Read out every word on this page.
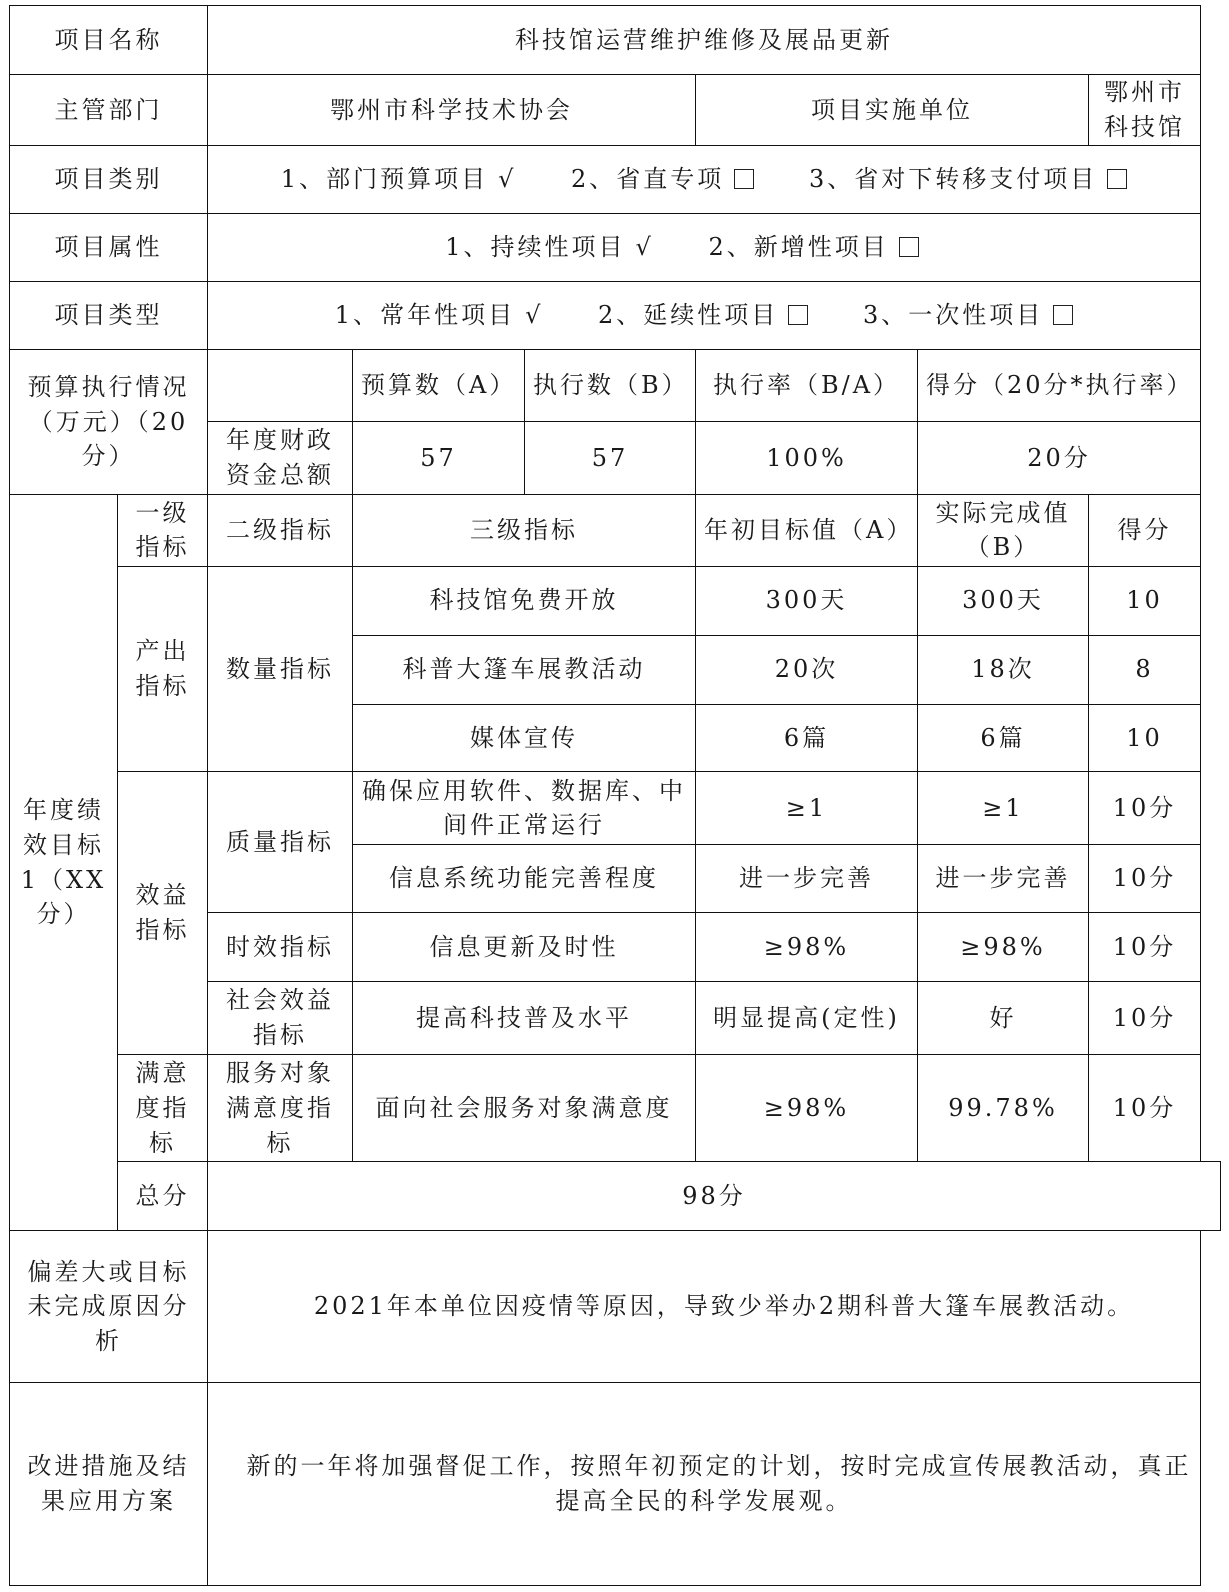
项目名称		科技馆运营维护维修及展品更新					
主管部门		鄂州市科学技术协会			项目实施单位		鄂州市科技馆
项目类别		1、部门预算项目 √ 2、省直专项 3、省对下转移支付项目					
项目属性		1、持续性项目 √ 2、新增性项目					
项目类型		1、常年性项目 √ 2、延续性项目 3、一次性项目					
预算执行情况（万元）（20分）			预算数（A）	执行数（B）	执行率（B/A）	得分（20分*执行率）	
		年度财政资金总额	57	57	100%	20分	
年度绩效目标1（XX分）	一级指标	二级指标	三级指标		年初目标值（A）	实际完成值（B）	得分
	产出指标	数量指标	科技馆免费开放		300天	300天	10
			科普大篷车展教活动		20次	18次	8
			媒体宣传		6篇	6篇	10
	效益指标	质量指标	确保应用软件、数据库、中间件正常运行		≥1	≥1	10分
			信息系统功能完善程度		进一步完善	进一步完善	10分
		时效指标	信息更新及时性		≥98%	≥98%	10分
		社会效益指标	提高科技普及水平		明显提高(定性)	好	10分
	满意度指标	服务对象满意度指标	面向社会服务对象满意度		≥98%	99.78%	10分
	总分	98分					
偏差大或目标未完成原因分析		2021年本单位因疫情等原因，导致少举办2期科普大篷车展教活动。					
改进措施及结果应用方案		新的一年将加强督促工作，按照年初预定的计划，按时完成宣传展教活动，真正提高全民的科学发展观。					
